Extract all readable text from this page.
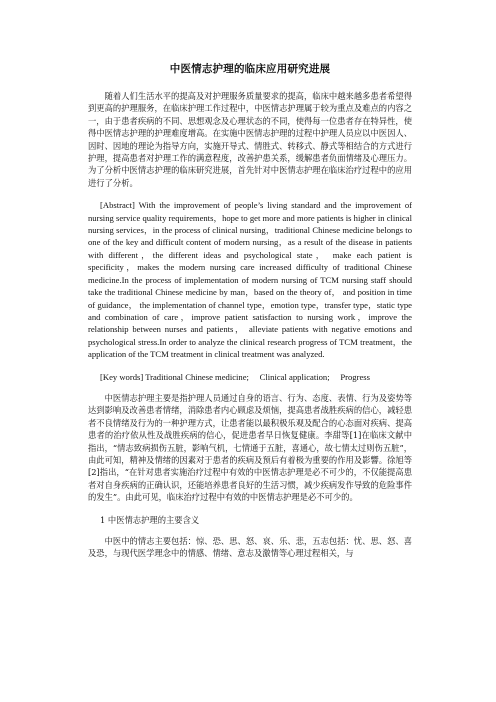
中医情志护理的临床应用研究进展

随着人们生活水平的提高及对护理服务质量要求的提高，临床中越来越多患者希望得到更高的护理服务，在临床护理工作过程中，中医情志护理属于较为重点及难点的内容之一，由于患者疾病的不同、思想观念及心理状态的不同，使得每一位患者存在特异性，使得中医情志护理的护理难度增高。在实施中医情志护理的过程中护理人员应以中医因人、因时、因地的理论为指导方向，实施开导式、情胜式、转移式、静式等相结合的方式进行护理，提高患者对护理工作的满意程度，改善护患关系，缓解患者负面情绪及心理压力。为了分析中医情志护理的临床研究进展，首先针对中医情志护理在临床治疗过程中的应用进行了分析。

[Abstract] With the improvement of people’s living standard and the improvement of nursing service quality requirements，hope to get more and more patients is higher in clinical nursing services，in the process of clinical nursing，traditional Chinese medicine belongs to one of the key and difficult content of modern nursing，as a result of the disease in patients with different，the different ideas and psychological state， make each patient is specificity，makes the modern nursing care increased difficulty of traditional Chinese medicine.In the process of implementation of modern nursing of TCM nursing staff should take the traditional Chinese medicine by man，based on the theory of， and position in time of guidance， the implementation of channel type，emotion type，transfer type，static type and combination of care，improve patient satisfaction to nursing work，improve the relationship between nurses and patients， alleviate patients with negative emotions and psychological stress.In order to analyze the clinical research progress of TCM treatment，the application of the TCM treatment in clinical treatment was analyzed.

[Key words] Traditional Chinese medicine;　 Clinical application;　 Progress

中医情志护理主要是指护理人员通过自身的语言、行为、态度、表情、行为及姿势等达到影响及改善患者情绪，消除患者内心顾虑及烦恼，提高患者战胜疾病的信心，减轻患者不良情绪及行为的一种护理方式，让患者能以最积极乐观及配合的心态面对疾病、提高患者的治疗依从性及战胜疾病的信心，促进患者早日恢复健康。李甜等[1]在临床文献中指出，“情志致病损伤五脏，影响气机，七情通于五脏，喜通心，故七情太过则伤五脏”，由此可知，精神及情绪的因素对于患者的疾病及预后有着极为重要的作用及影響。徐旭等[2]指出，“在针对患者实施治疗过程中有效的中医情志护理是必不可少的，不仅能提高患者对自身疾病的正确认识，还能培养患者良好的生活习惯，减少疾病发作导致的危险事件的发生”。由此可见，临床治疗过程中有效的中医情志护理是必不可少的。

1 中医情志护理的主要含义

中医中的情志主要包括：惊、恐、思、怒、哀、乐、悲，五志包括：忧、思、怒、喜及恐，与现代医学理念中的情感、情绪、意志及激情等心理过程相关，与
